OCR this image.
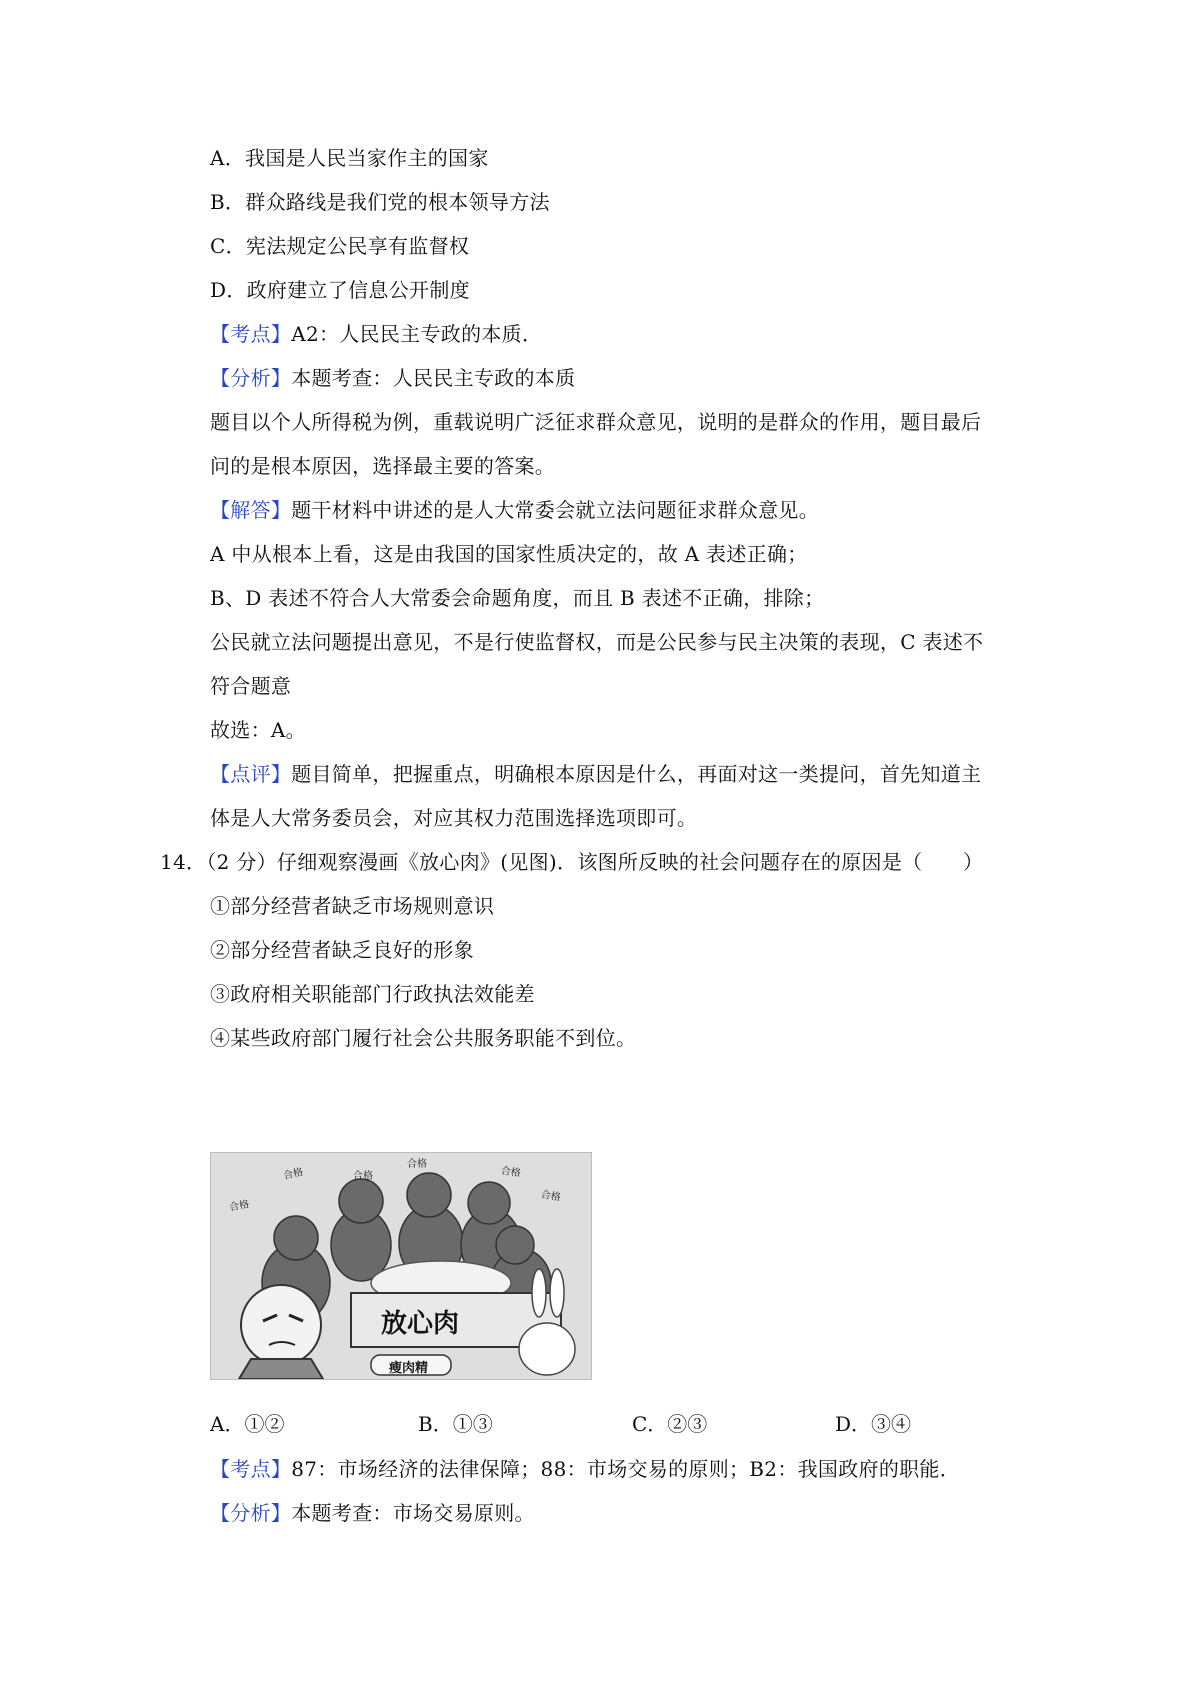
A．我国是人民当家作主的国家
B．群众路线是我们党的根本领导方法
C．宪法规定公民享有监督权
D．政府建立了信息公开制度
【考点】A2：人民民主专政的本质．
【分析】本题考查：人民民主专政的本质
题目以个人所得税为例，重载说明广泛征求群众意见，说明的是群众的作用，题目最后
问的是根本原因，选择最主要的答案。
【解答】题干材料中讲述的是人大常委会就立法问题征求群众意见。
A 中从根本上看，这是由我国的国家性质决定的，故 A 表述正确；
B、D 表述不符合人大常委会命题角度，而且 B 表述不正确，排除；
公民就立法问题提出意见，不是行使监督权，而是公民参与民主决策的表现，C 表述不
符合题意
故选：A。
【点评】题目简单，把握重点，明确根本原因是什么，再面对这一类提问，首先知道主
体是人大常务委员会，对应其权力范围选择选项即可。
14．（2 分）仔细观察漫画《放心肉》(见图)．该图所反映的社会问题存在的原因是（　　）
①部分经营者缺乏市场规则意识
②部分经营者缺乏良好的形象
③政府相关职能部门行政执法效能差
④某些政府部门履行社会公共服务职能不到位。
放心肉
瘦肉精
合格
合格
合格
合格
合格
合格
A．①②	B．①③	C．②③	D．③④
【考点】87：市场经济的法律保障；88：市场交易的原则；B2：我国政府的职能．
【分析】本题考查：市场交易原则。
